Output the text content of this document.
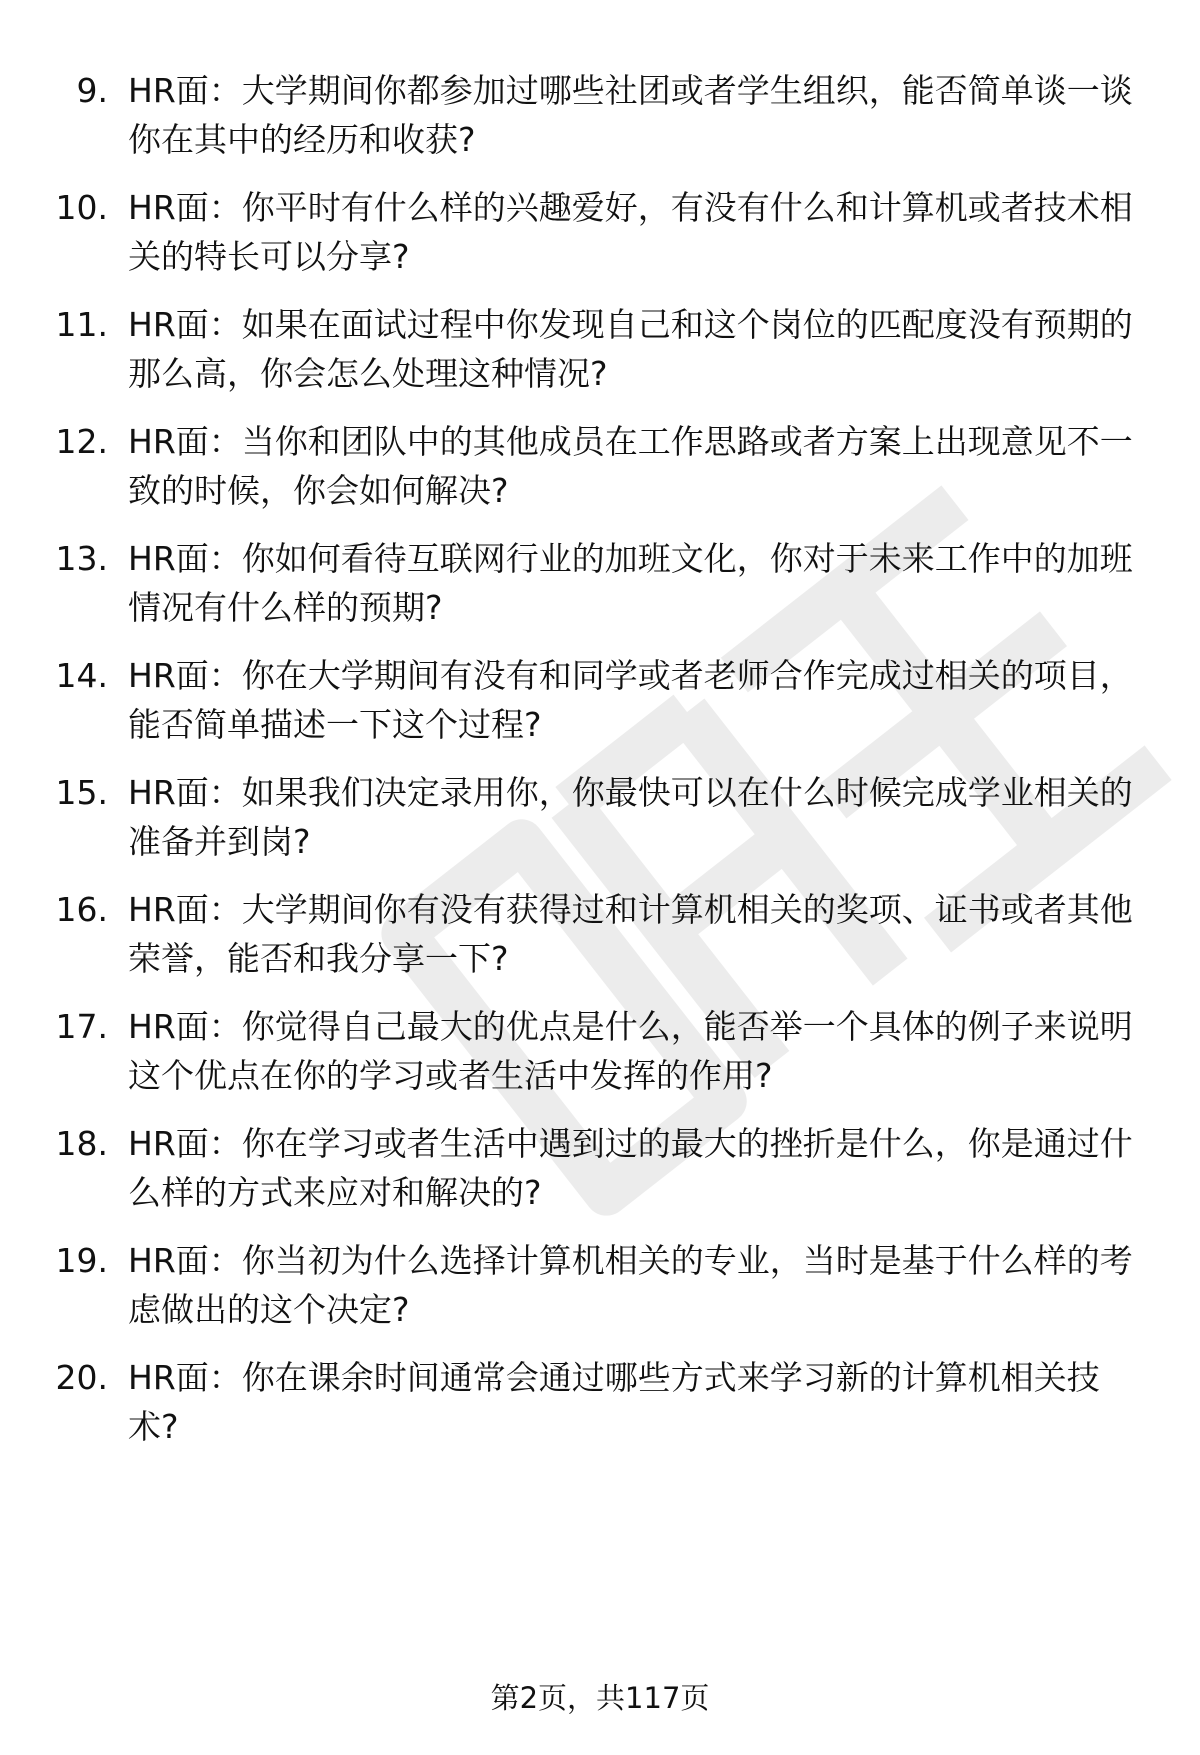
9. HR面：大学期间你都参加过哪些社团或者学生组织，能否简单谈一谈你在其中的经历和收获?
10. HR面：你平时有什么样的兴趣爱好，有没有什么和计算机或者技术相关的特长可以分享?
11. HR面：如果在面试过程中你发现自己和这个岗位的匹配度没有预期的那么高，你会怎么处理这种情况?
12. HR面：当你和团队中的其他成员在工作思路或者方案上出现意见不一致的时候，你会如何解决?
13. HR面：你如何看待互联网行业的加班文化，你对于未来工作中的加班情况有什么样的预期?
14. HR面：你在大学期间有没有和同学或者老师合作完成过相关的项目，能否简单描述一下这个过程?
15. HR面：如果我们决定录用你，你最快可以在什么时候完成学业相关的准备并到岗?
16. HR面：大学期间你有没有获得过和计算机相关的奖项、证书或者其他荣誉，能否和我分享一下?
17. HR面：你觉得自己最大的优点是什么，能否举一个具体的例子来说明这个优点在你的学习或者生活中发挥的作用?
18. HR面：你在学习或者生活中遇到过的最大的挫折是什么，你是通过什么样的方式来应对和解决的?
19. HR面：你当初为什么选择计算机相关的专业，当时是基于什么样的考虑做出的这个决定?
20. HR面：你在课余时间通常会通过哪些方式来学习新的计算机相关技术?
第2页，共117页
